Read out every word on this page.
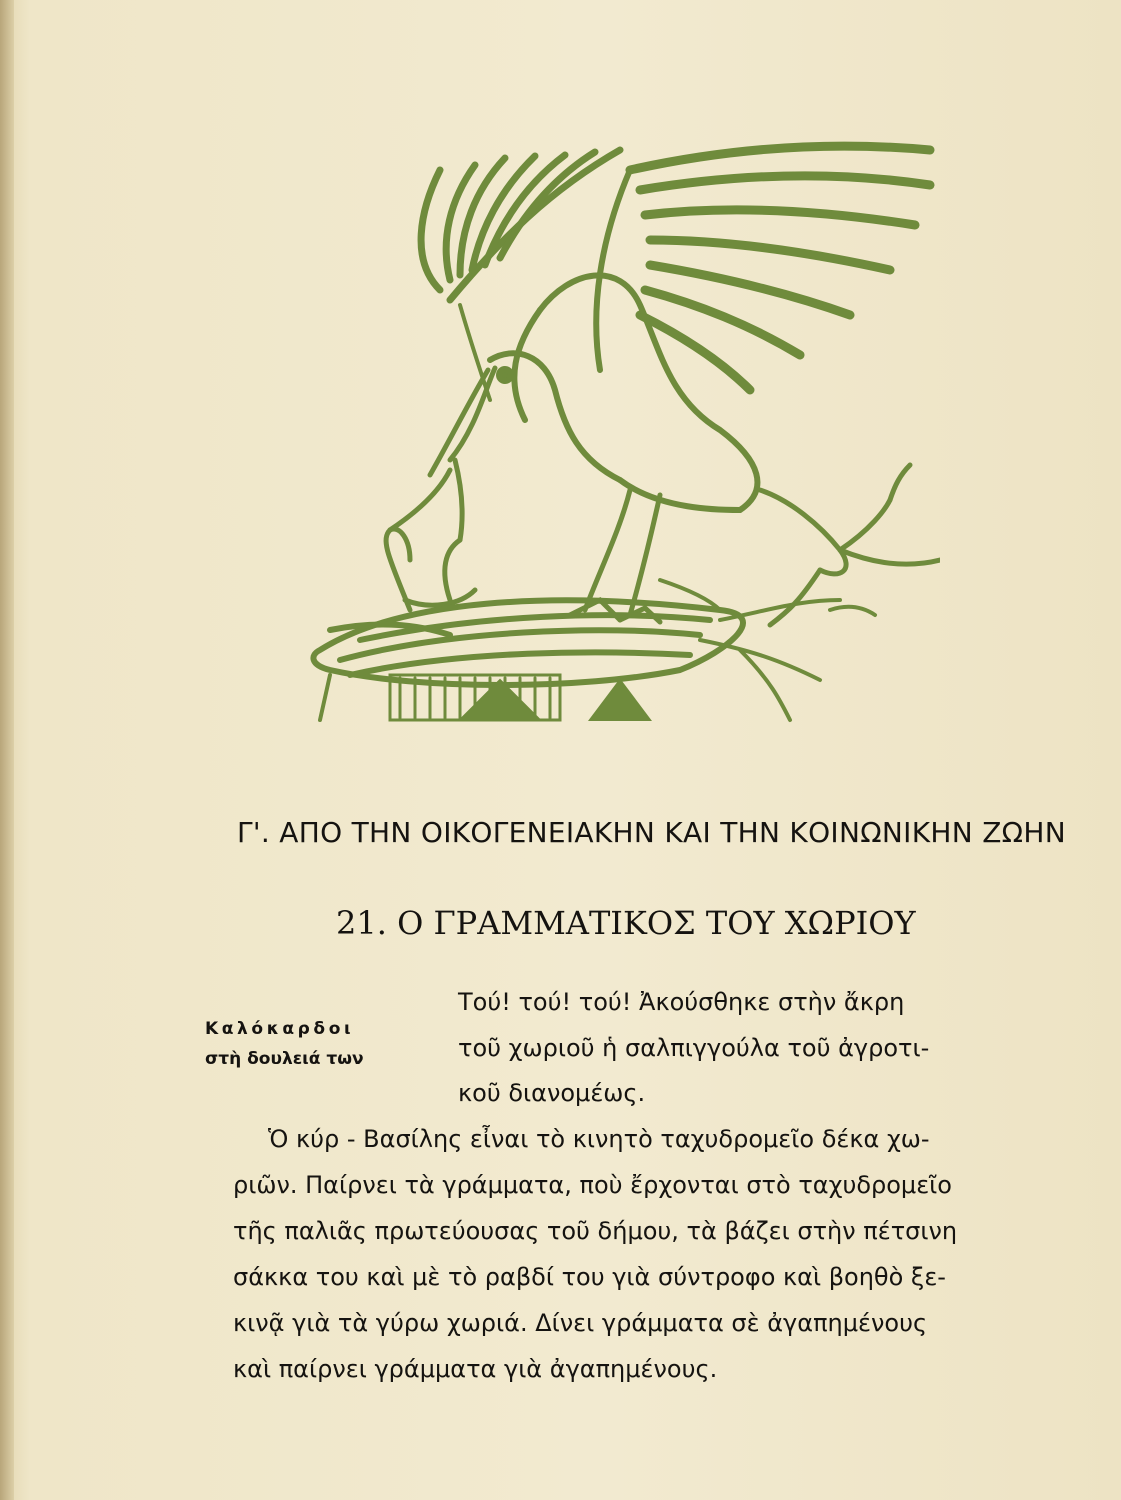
Γ'. ΑΠΟ ΤΗΝ ΟΙΚΟΓΕΝΕΙΑΚΗΝ ΚΑΙ ΤΗΝ ΚΟΙΝΩΝΙΚΗΝ ΖΩΗΝ
21. Ο ΓΡΑΜΜΑΤΙΚΟΣ ΤΟΥ ΧΩΡΙΟΥ
Καλόκαρδοι
στὴ δουλειά των
Τού! τού! τού! Ἀκούσθηκε στὴν ἄκρη
τοῦ χωριοῦ ἡ σαλπιγγούλα τοῦ ἀγροτι-
κοῦ διανομέως.
Ὁ κύρ - Βασίλης εἶναι τὸ κινητὸ ταχυδρομεῖο δέκα χω-
ριῶν. Παίρνει τὰ γράμματα, ποὺ ἔρχονται στὸ ταχυδρομεῖο
τῆς παλιᾶς πρωτεύουσας τοῦ δήμου, τὰ βάζει στὴν πέτσινη
σάκκα του καὶ μὲ τὸ ραβδί του γιὰ σύντροφο καὶ βοηθὸ ξε-
κινᾷ γιὰ τὰ γύρω χωριά. Δίνει γράμματα σὲ ἀγαπημένους
καὶ παίρνει γράμματα γιὰ ἀγαπημένους.
